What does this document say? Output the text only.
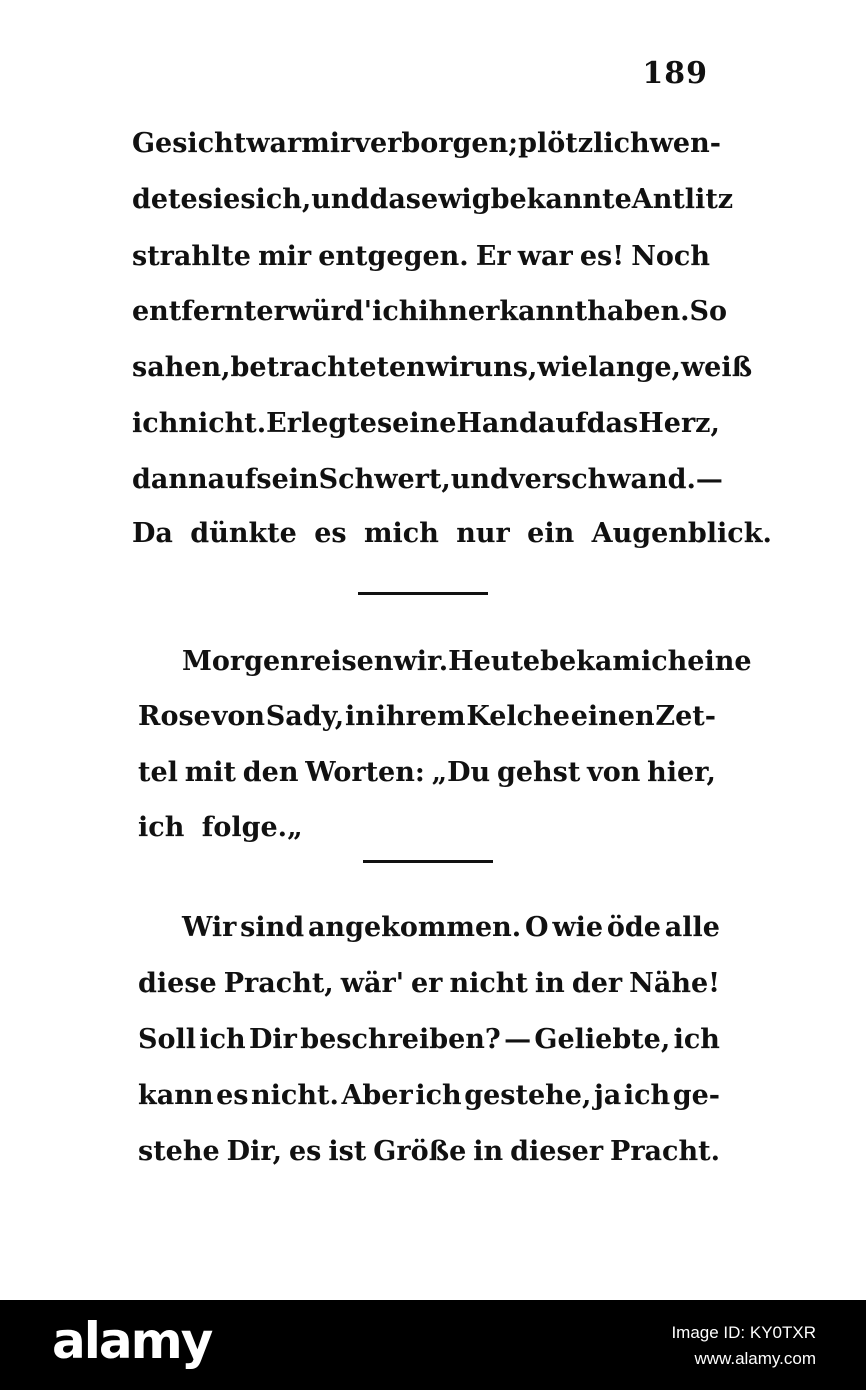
189
Gesicht war mir verborgen; plötzlich wen-
dete sie sich, und das ewig bekannte Antlitz
strahlte mir entgegen. Er war es! Noch
entfernter würd' ich ihn erkannt haben. So
sahen, betrachteten wir uns, wie lange, weiß
ich nicht. Er legte seine Hand auf das Herz,
dann auf sein Schwert, und verschwand. —
Da dünkte es mich nur ein Augenblick.
Morgen reisen wir. Heute bekam ich eine
Rose von Sady, in ihrem Kelche einen Zet-
tel mit den Worten: „Du gehst von hier,
ich folge.„
Wir sind angekommen. O wie öde alle
diese Pracht, wär' er nicht in der Nähe!
Soll ich Dir beschreiben? — Geliebte, ich
kann es nicht. Aber ich gestehe, ja ich ge-
stehe Dir, es ist Größe in dieser Pracht.
alamy	Image ID: KY0TXR
www.alamy.com
